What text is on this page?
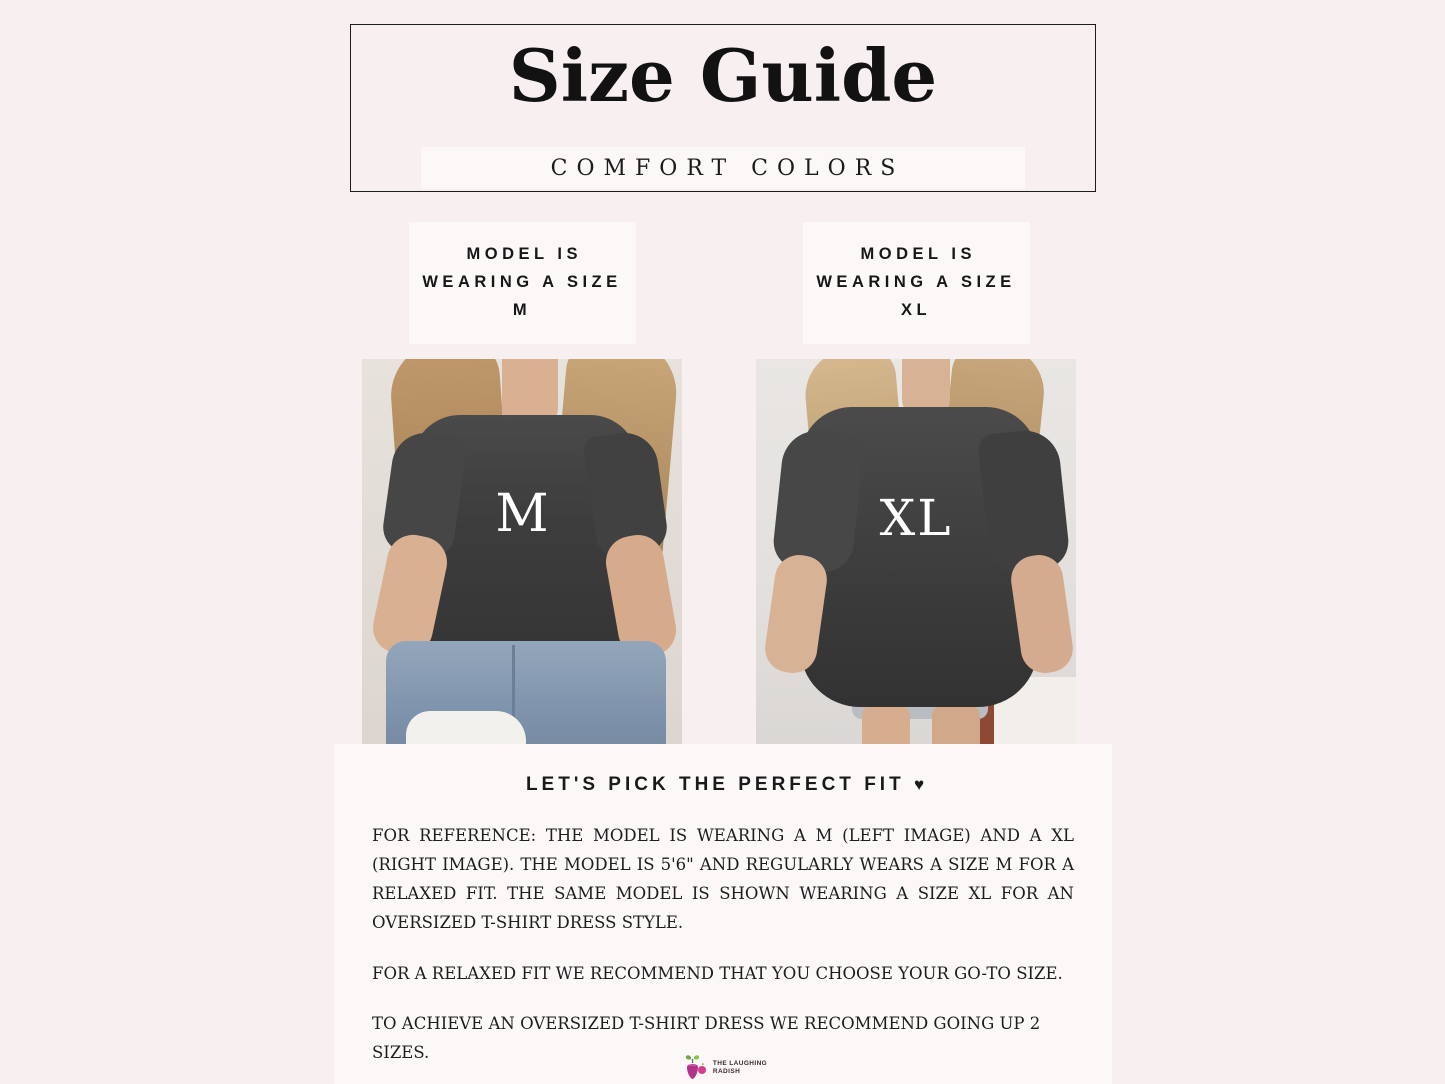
Size Guide
COMFORT COLORS
MODEL IS WEARING A SIZE M
M
MODEL IS WEARING A SIZE XL
XL
LET'S PICK THE PERFECT FIT ♥
FOR REFERENCE: THE MODEL IS WEARING A M (LEFT IMAGE) AND A XL (RIGHT IMAGE). THE MODEL IS 5'6" AND REGULARLY WEARS A SIZE M FOR A RELAXED FIT. THE SAME MODEL IS SHOWN WEARING A SIZE XL FOR AN OVERSIZED T-SHIRT DRESS STYLE.
FOR A RELAXED FIT WE RECOMMEND THAT YOU CHOOSE YOUR GO-TO SIZE.
TO ACHIEVE AN OVERSIZED T-SHIRT DRESS WE RECOMMEND GOING UP 2 SIZES.
THE LAUGHING
RADISH
